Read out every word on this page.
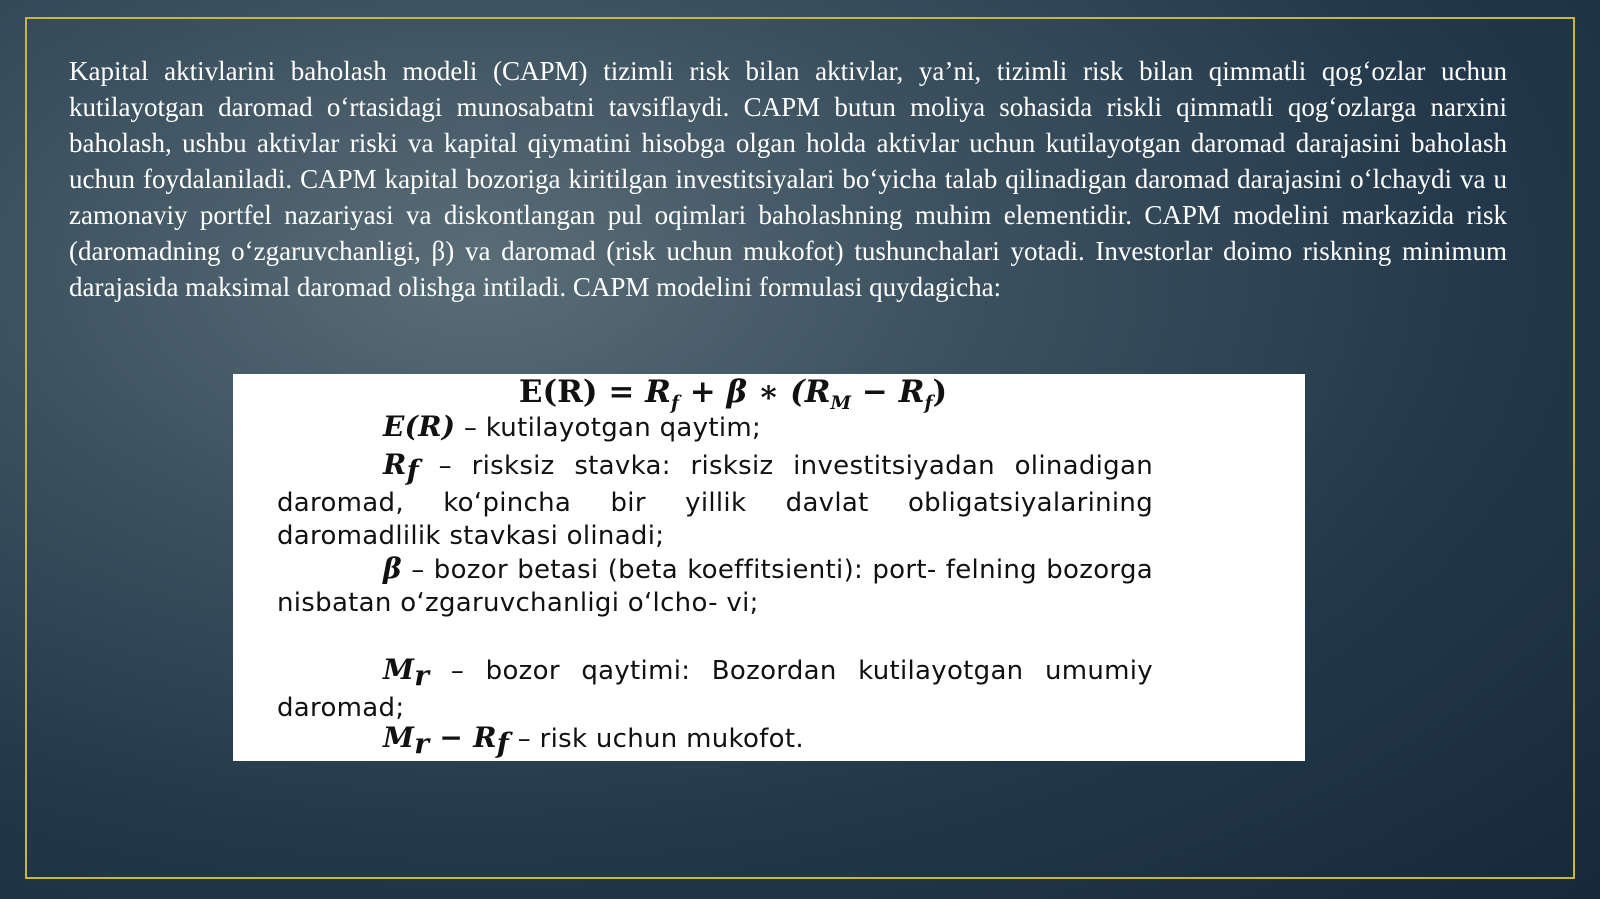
Kapital aktivlarini baholash modeli (CAPM) tizimli risk bilan aktivlar, ya’ni, tizimli risk bilan qimmatli qog‘ozlar uchun kutilayotgan daromad o‘rtasidagi munosabatni tavsiflaydi. CAPM butun moliya sohasida riskli qimmatli qog‘ozlarga narxini baholash, ushbu aktivlar riski va kapital qiymatini hisobga olgan holda aktivlar uchun kutilayotgan daromad darajasini baholash uchun foydalaniladi. CAPM kapital bozoriga kiritilgan investitsiyalari bo‘yicha talab qilinadigan daromad darajasini o‘lchaydi va u zamonaviy portfel nazariyasi va diskontlangan pul oqimlari baholashning muhim elementidir. CAPM modelini markazida risk (daromadning o‘zgaruvchanligi, β) va daromad (risk uchun mukofot) tushunchalari yotadi. Investorlar doimo riskning minimum darajasida maksimal daromad olishga intiladi. CAPM modelini formulasi quydagicha:

$E(R) = R_f + \beta$ ∗ $(R_M - R_f)$
E(R) – kutilayotgan qaytim;
$R_f$ – risksiz stavka: risksiz investitsiyadan olinadigan daromad, ko‘pincha bir yillik davlat obligatsiyalarining daromadlilik stavkasi olinadi;
β – bozor betasi (beta koeffitsienti): port- felning bozorga nisbatan o‘zgaruvchanligi o‘lcho- vi;
$M_r$ – bozor qaytimi: Bozordan kutilayotgan umumiy daromad;
$M_r - R_f$ – risk uchun mukofot.
